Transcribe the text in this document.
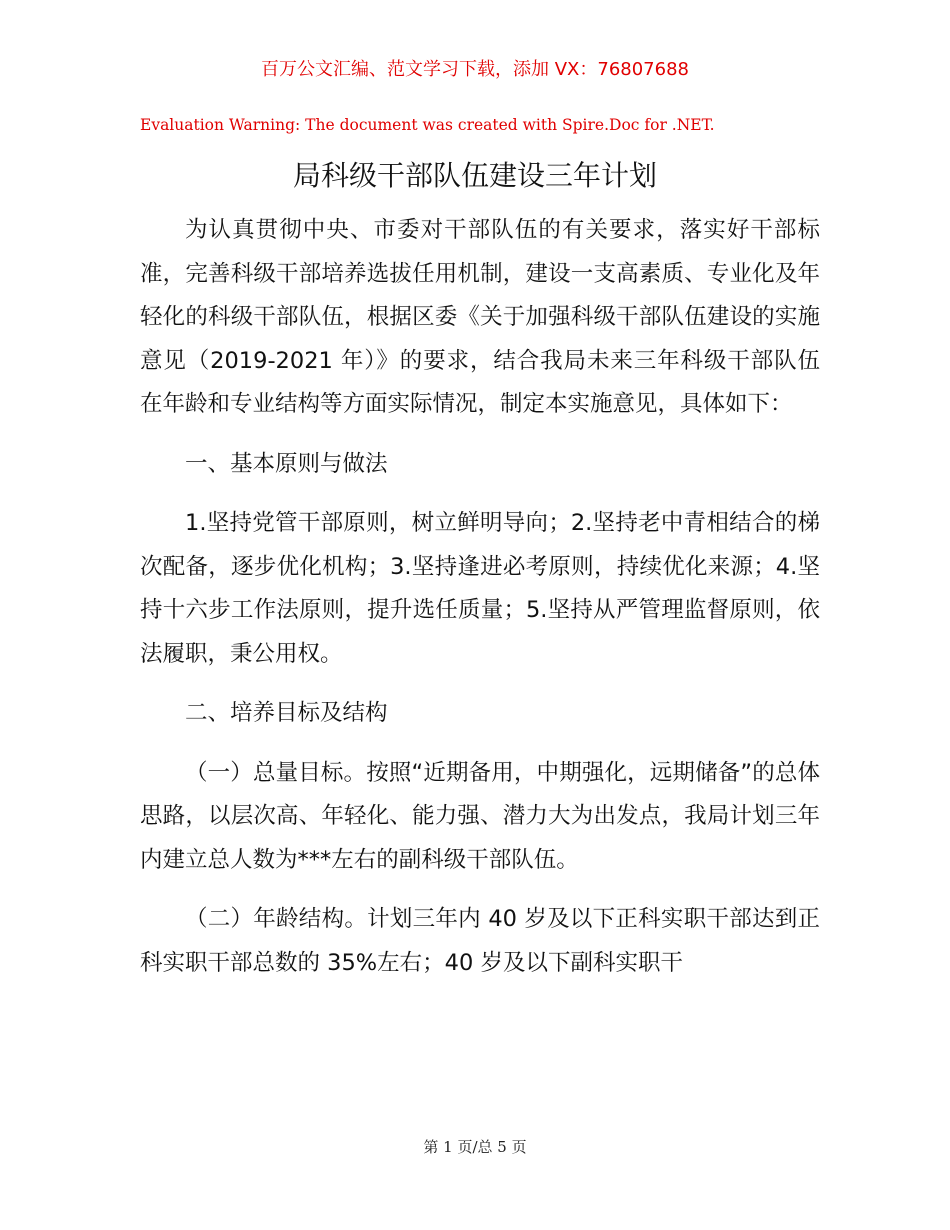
百万公文汇编、范文学习下载，添加 VX：76807688
Evaluation Warning: The document was created with Spire.Doc for .NET.
局科级干部队伍建设三年计划

为认真贯彻中央、市委对干部队伍的有关要求，落实好干部标准，完善科级干部培养选拔任用机制，建设一支高素质、专业化及年轻化的科级干部队伍，根据区委《关于加强科级干部队伍建设的实施意见（2019-2021 年）》的要求，结合我局未来三年科级干部队伍在年龄和专业结构等方面实际情况，制定本实施意见，具体如下：

一、基本原则与做法

1.坚持党管干部原则，树立鲜明导向；2.坚持老中青相结合的梯次配备，逐步优化机构；3.坚持逢进必考原则，持续优化来源；4.坚持十六步工作法原则，提升选任质量；5.坚持从严管理监督原则，依法履职，秉公用权。

二、培养目标及结构

（一）总量目标。按照“近期备用，中期强化，远期储备”的总体思路，以层次高、年轻化、能力强、潜力大为出发点，我局计划三年内建立总人数为***左右的副科级干部队伍。

（二）年龄结构。计划三年内 40 岁及以下正科实职干部达到正科实职干部总数的 35%左右；40 岁及以下副科实职干

第 1 页/总 5 页
